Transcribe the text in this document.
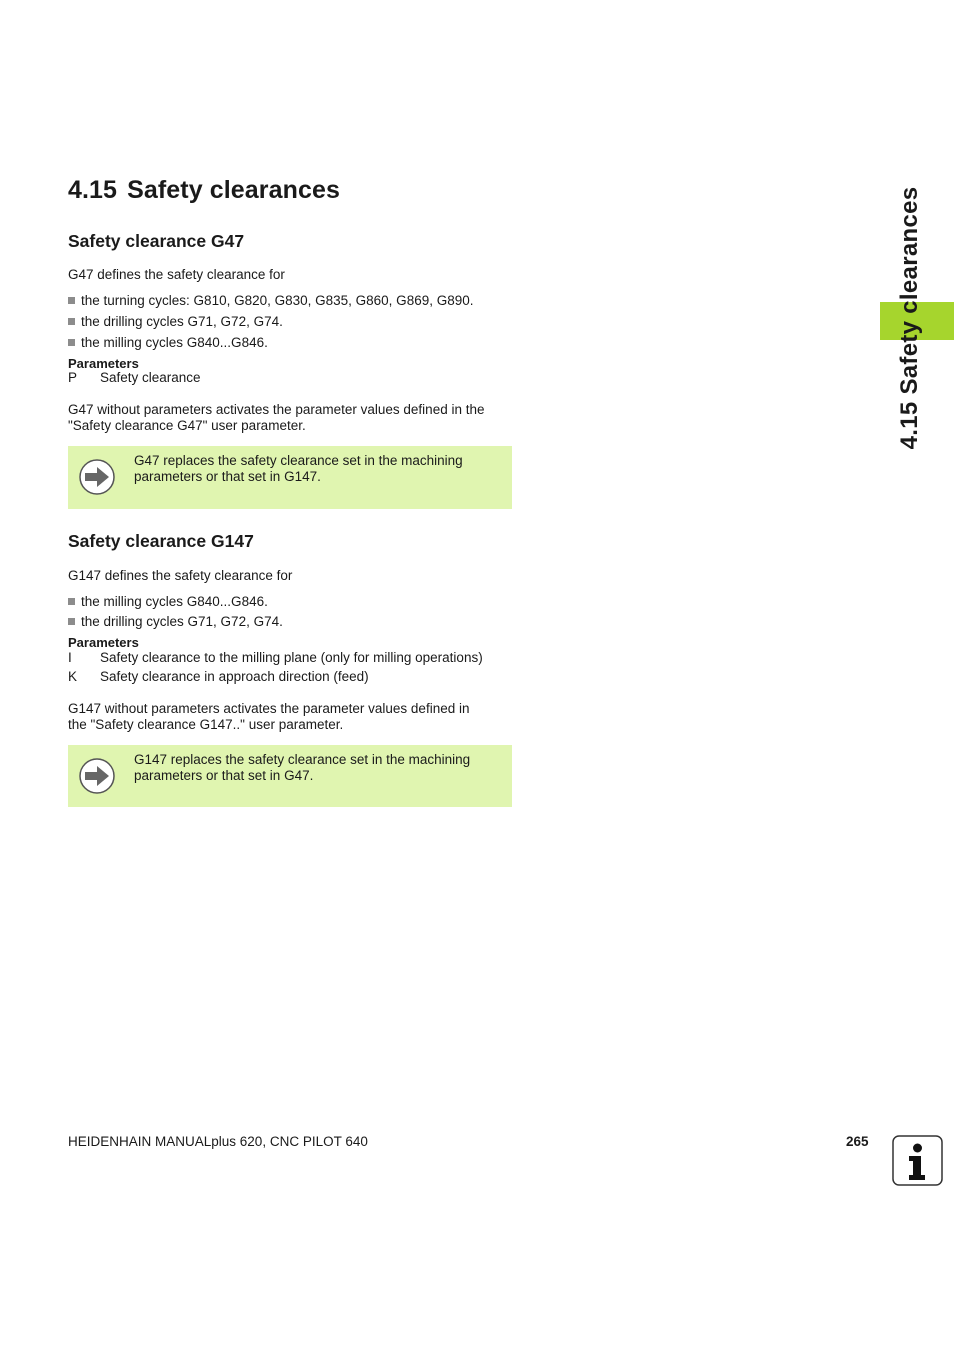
4.15 Safety clearances
4.15 Safety clearances
Safety clearance G47
G47 defines the safety clearance for
the turning cycles: G810, G820, G830, G835, G860, G869, G890.
the drilling cycles G71, G72, G74.
the milling cycles G840...G846.
Parameters
P	Safety clearance
G47 without parameters activates the parameter values defined in the
"Safety clearance G47" user parameter.
G47 replaces the safety clearance set in the machining
parameters or that set in G147.
Safety clearance G147
G147 defines the safety clearance for
the milling cycles G840...G846.
the drilling cycles G71, G72, G74.
Parameters
I	Safety clearance to the milling plane (only for milling operations)
K	Safety clearance in approach direction (feed)
G147 without parameters activates the parameter values defined in
the "Safety clearance G147.." user parameter.
G147 replaces the safety clearance set in the machining
parameters or that set in G47.
HEIDENHAIN MANUALplus 620, CNC PILOT 640	265
